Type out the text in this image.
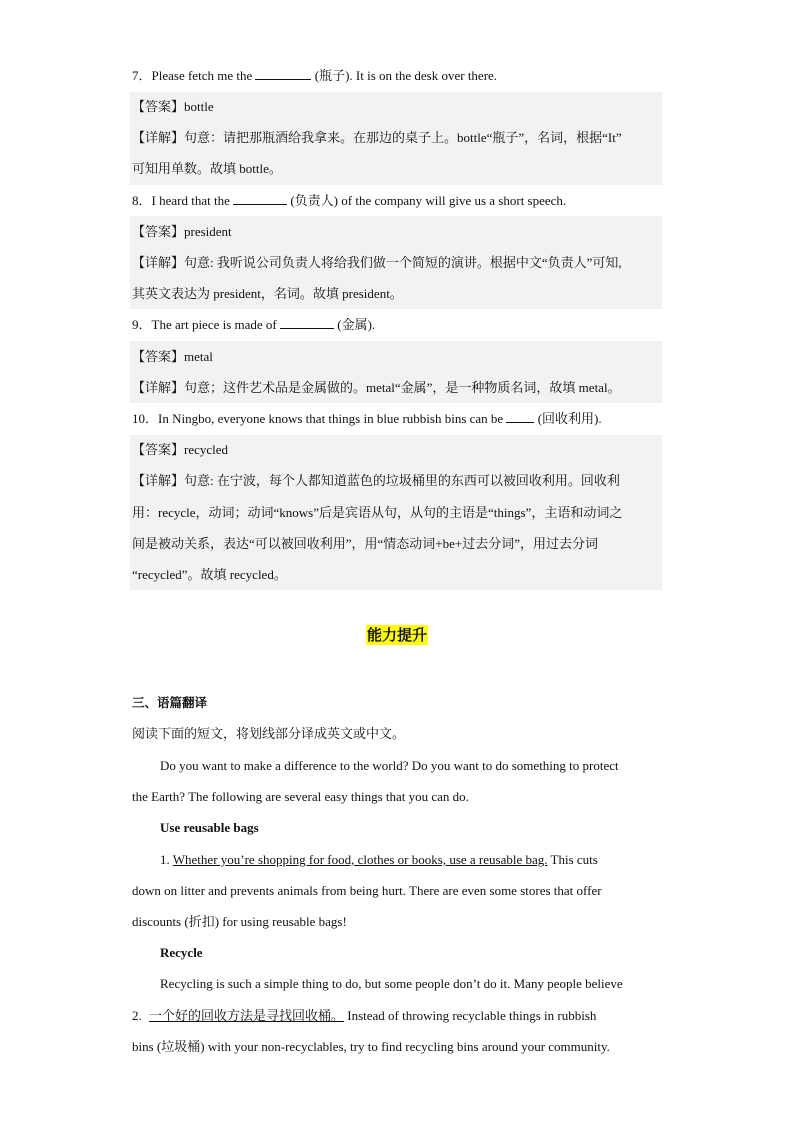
7．Please fetch me the	(瓶子). It is on the desk over there.
【答案】bottle
【详解】句意：请把那瓶酒给我拿来。在那边的桌子上。bottle“瓶子”，名词，根据“It”
可知用单数。故填 bottle。
8．I heard that the	(负责人) of the company will give us a short speech.
【答案】president
【详解】句意: 我听说公司负责人将给我们做一个简短的演讲。根据中文“负责人”可知,
其英文表达为 president，名词。故填 president。
9．The art piece is made of	(金属).
【答案】metal
【详解】句意；这件艺术品是金属做的。metal“金属”，是一种物质名词，故填 metal。
10．In Ningbo, everyone knows that things in blue rubbish bins can be	(回收利用).
【答案】recycled
【详解】句意: 在宁波，每个人都知道蓝色的垃圾桶里的东西可以被回收利用。回收利
用：recycle，动词；动词“knows”后是宾语从句，从句的主语是“things”，主语和动词之
间是被动关系，表达“可以被回收利用”，用“情态动词+be+过去分词”，用过去分词
“recycled”。故填 recycled。
能力提升
三、语篇翻译
阅读下面的短文，将划线部分译成英文或中文。
Do you want to make a difference to the world? Do you want to do something to protect
the Earth? The following are several easy things that you can do.
Use reusable bags
1. Whether you’re shopping for food, clothes or books, use a reusable bag. This cuts
down on litter and prevents animals from being hurt. There are even some stores that offer
discounts (折扣) for using reusable bags!
Recycle
Recycling is such a simple thing to do, but some people don’t do it. Many people believe
2. 一个好的回收方法是寻找回收桶。 Instead of throwing recyclable things in rubbish
bins (垃圾桶) with your non-recyclables, try to find recycling bins around your community.
